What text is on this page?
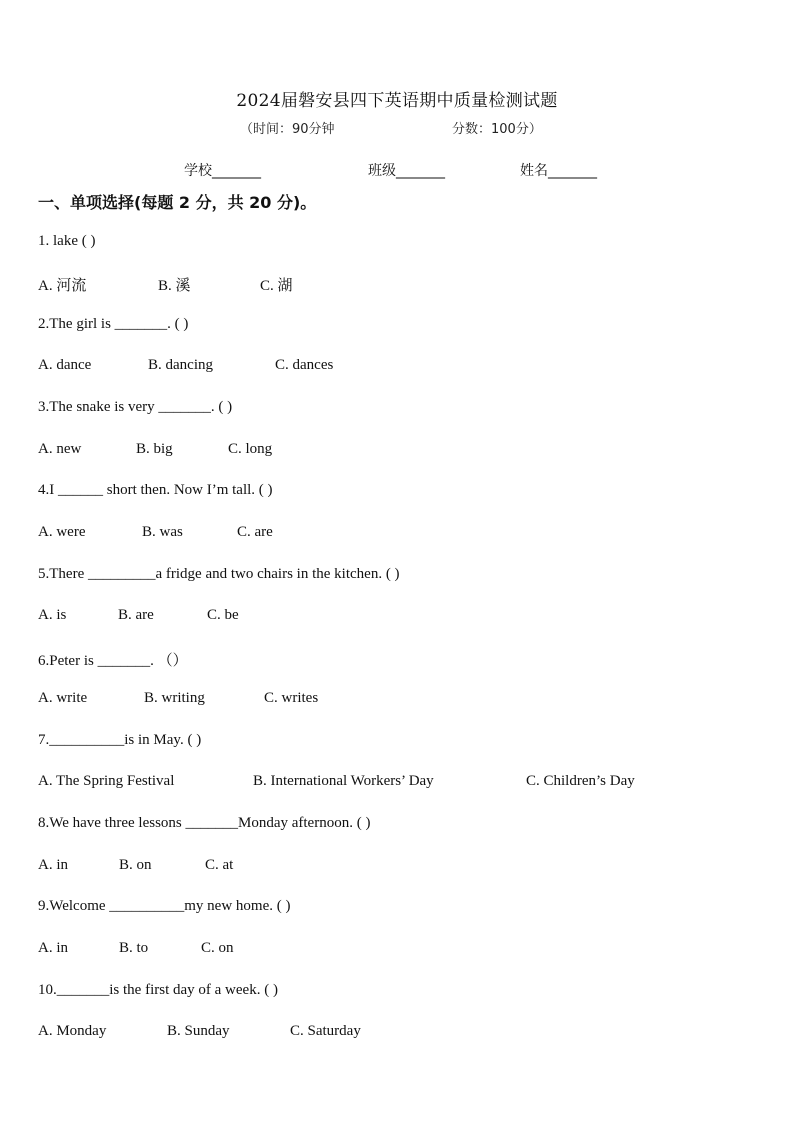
2024届磐安县四下英语期中质量检测试题
（时间：90分钟	分数：100分）
学校_______	班级_______	姓名_______
一、单项选择(每题 2 分，共 20 分)。
1. lake ( )
A. 河流	B. 溪	C. 湖
2.The girl is _______. ( )
A. dance	B. dancing	C. dances
3.The snake is very _______. ( )
A. new	B. big	C. long
4.I ______ short then. Now I’m tall. ( )
A. were	B. was	C. are
5.There _________a fridge and two chairs in the kitchen. ( )
A. is	B. are	C. be
6.Peter is _______. （）
A. write	B. writing	C. writes
7.__________is in May. ( )
A. The Spring Festival	B. International Workers’ Day	C. Children’s Day
8.We have three lessons _______Monday afternoon. ( )
A. in	B. on	C. at
9.Welcome __________my new home. ( )
A. in	B. to	C. on
10._______is the first day of a week. ( )
A. Monday	B. Sunday	C. Saturday
